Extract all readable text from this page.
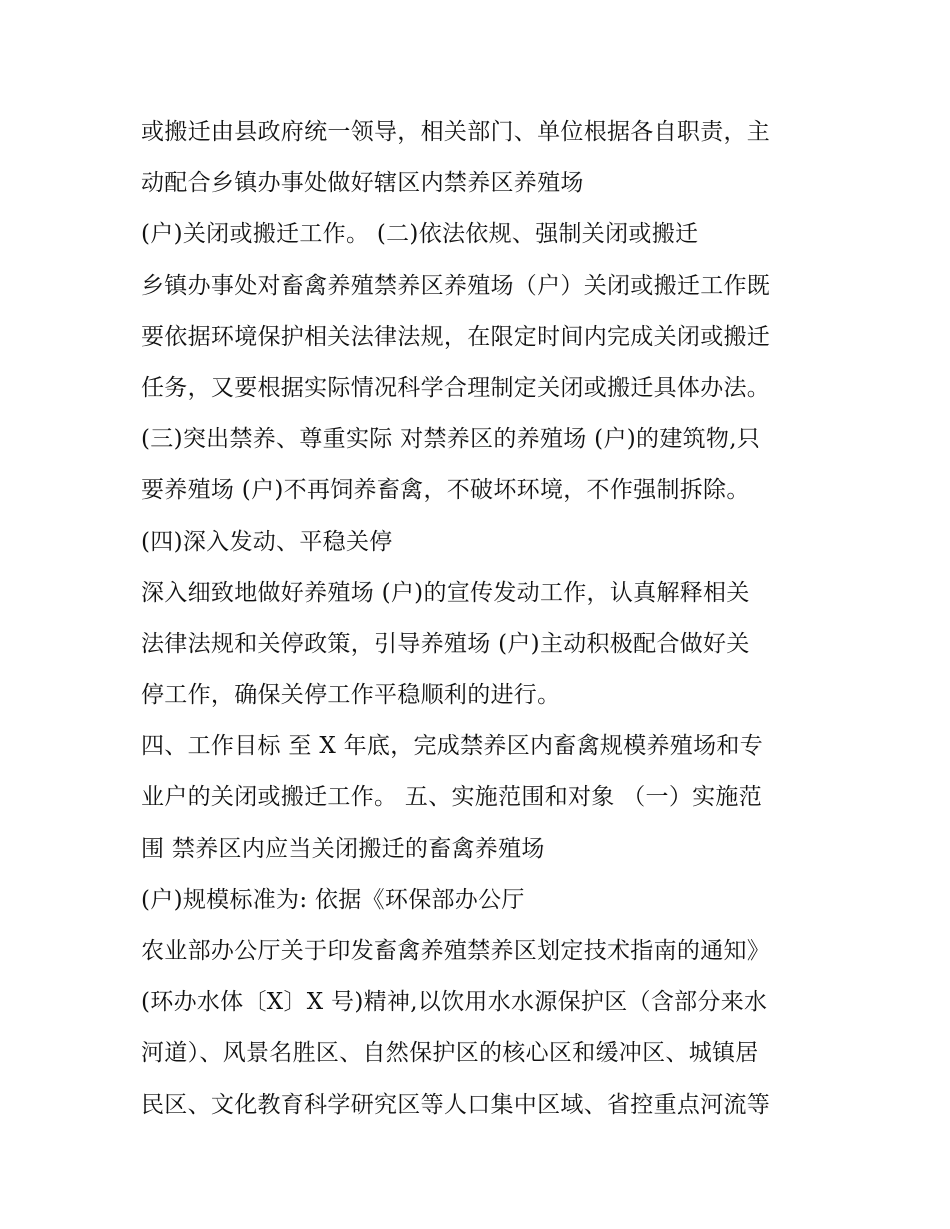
或搬迁由县政府统一领导，相关部门、单位根据各自职责，主
动配合乡镇办事处做好辖区内禁养区养殖场
(户)关闭或搬迁工作。 (二)依法依规、强制关闭或搬迁
乡镇办事处对畜禽养殖禁养区养殖场（户）关闭或搬迁工作既
要依据环境保护相关法律法规，在限定时间内完成关闭或搬迁
任务，又要根据实际情况科学合理制定关闭或搬迁具体办法。
(三)突出禁养、尊重实际 对禁养区的养殖场 (户)的建筑物,只
要养殖场 (户)不再饲养畜禽，不破坏环境，不作强制拆除。
(四)深入发动、平稳关停
深入细致地做好养殖场 (户)的宣传发动工作，认真解释相关
法律法规和关停政策，引导养殖场 (户)主动积极配合做好关
停工作，确保关停工作平稳顺利的进行。
四、工作目标 至 X 年底，完成禁养区内畜禽规模养殖场和专
业户的关闭或搬迁工作。 五、实施范围和对象 （一）实施范
围 禁养区内应当关闭搬迁的畜禽养殖场
(户)规模标准为: 依据《环保部办公厅
农业部办公厅关于印发畜禽养殖禁养区划定技术指南的通知》
(环办水体〔X〕X 号)精神,以饮用水水源保护区（含部分来水
河道）、风景名胜区、自然保护区的核心区和缓冲区、城镇居
民区、文化教育科学研究区等人口集中区域、省控重点河流等
